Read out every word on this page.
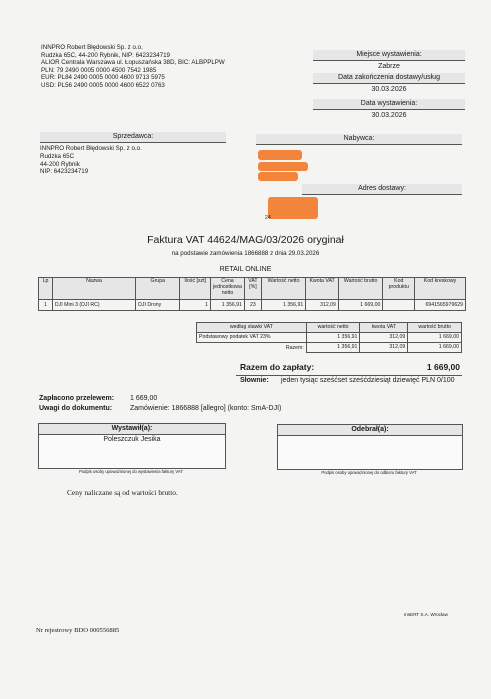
INNPRO Robert Błędowski Sp. z o.o.
Rudzka 65C, 44-200 Rybnik, NIP: 6423234719
ALIOR Centrala Warszawa ul. Łopuszańska 38D, BIC: ALBPPLPW
PLN: 79 2490 0005 0000 4500 7542 1985
EUR: PL84 2490 0005 0000 4600 9713 5975
USD: PL56 2490 0005 0000 4600 6522 0763
Miejsce wystawienia:
Zabrze
Data zakończenia dostawy/usług
30.03.2026
Data wystawienia:
30.03.2026
Sprzedawca:
INNPRO Robert Błędowski Sp. z o.o.
Rudzka 65C
44-200 Rybnik
NIP: 6423234719
Nabywca:
Adres dostawy:
24
Faktura VAT 44624/MAG/03/2026 oryginał
na podstawie zamówienia 1866888 z dnia 29.03.2026
RETAIL ONLINE
Lp	Nazwa	Grupa	Ilość [szt]	Cena jednostkowa netto	VAT [%]	Wartość netto	Kwota VAT	Wartość brutto	Kod produktu	Kod kreskowy
1	DJI Mini 3 (DJI RC)	DJI Drony	1	1 356,91	23	1 356,91	312,09	1 669,00		6941565979629
według stawki VAT	wartość netto	kwota VAT	wartość brutto
Podstawowy podatek VAT 23%	1 356,91	312,09	1 669,00
Razem:	1 356,91	312,09	1 669,00
Razem do zapłaty:	1 669,00
Słownie: jeden tysiąc sześćset sześćdziesiąt dziewięć PLN 0/100
Zapłacono przelewem: 1 669,00
Uwagi do dokumentu:	Zamówienie: 1866888 [allegro] (konto: SmA-DJI)
Wystawił(a):
Poleszczuk Jesika
Podpis osoby upoważnionej do wystawienia faktury VAT
Odebrał(a):
Podpis osoby upoważnionej do odbioru faktury VAT
Ceny naliczane są od wartości brutto.
InsERT S.A. Wrocław
Nr rejestrowy BDO 000556885
